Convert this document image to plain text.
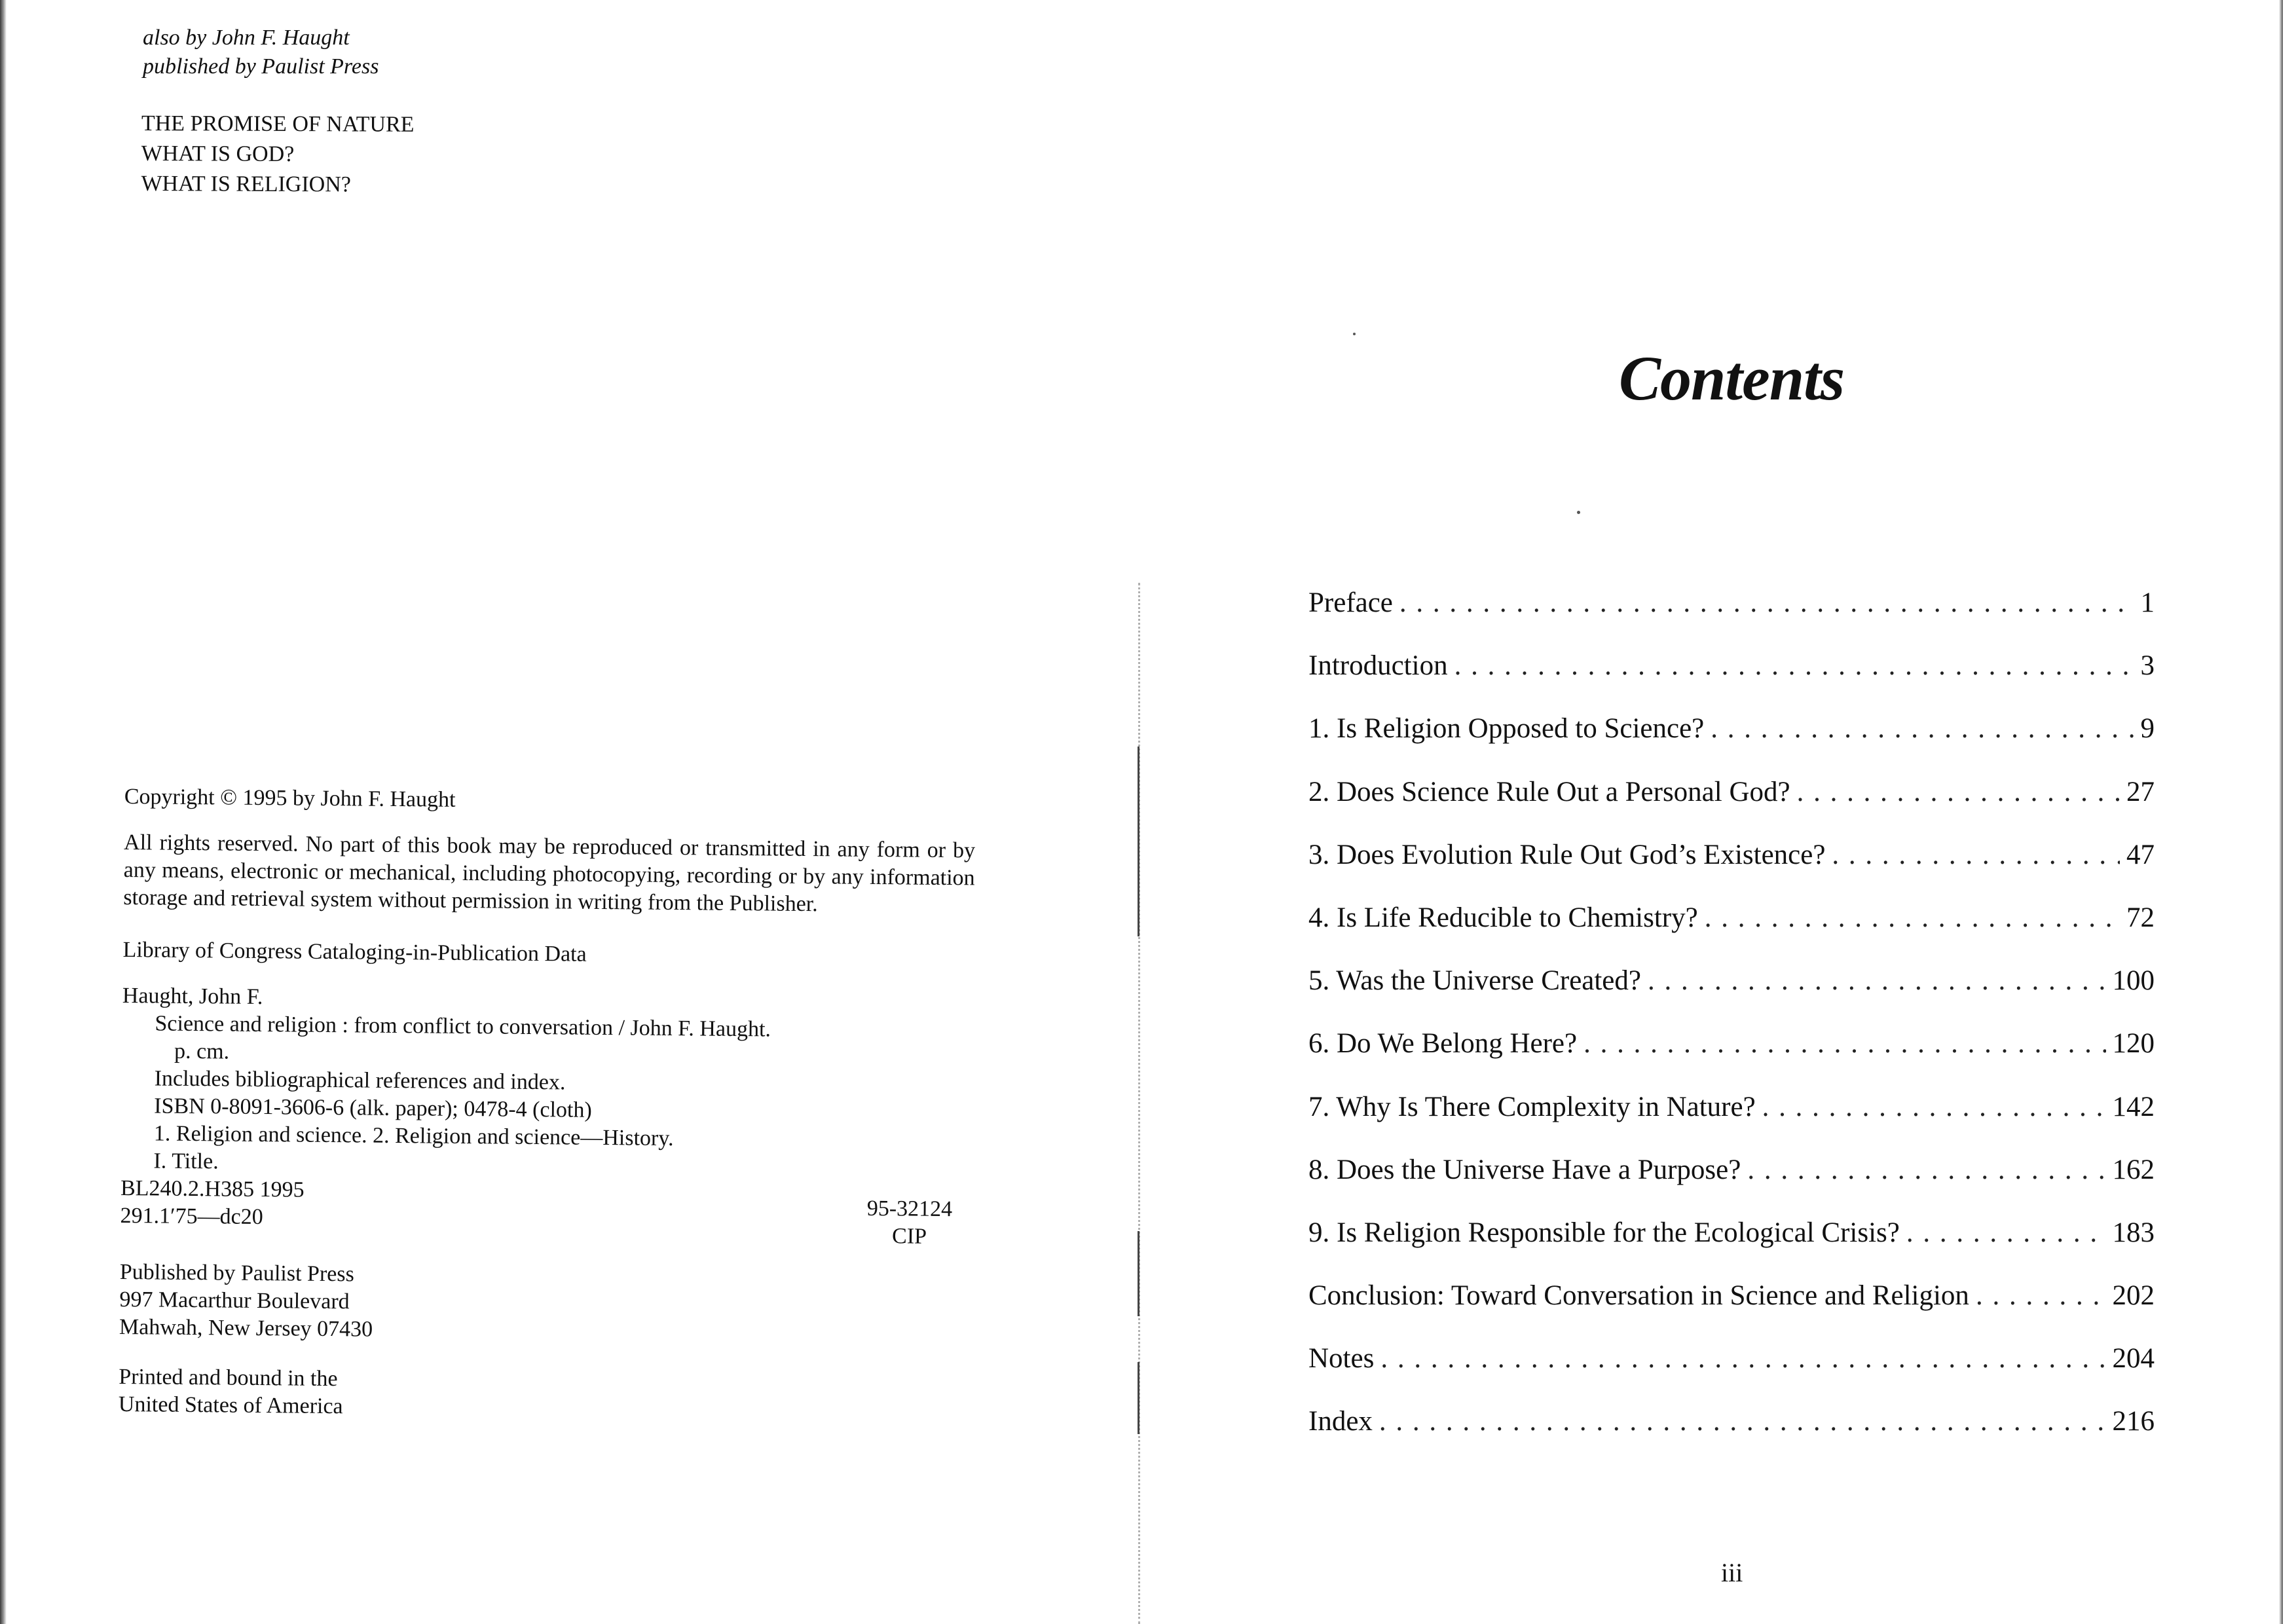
also by John F. Haught
published by Paulist Press
THE PROMISE OF NATURE
WHAT IS GOD?
WHAT IS RELIGION?
Copyright © 1995 by John F. Haught
All rights reserved. No part of this book may be reproduced or transmitted in any form or by any means, electronic or mechanical, including photocopying, recording or by any information storage and retrieval system without permission in writing from the Publisher.
Library of Congress Cataloging-in-Publication Data
Haught, John F.
Science and religion : from conflict to conversation / John F. Haught.
p. cm.
Includes bibliographical references and index.
ISBN 0-8091-3606-6 (alk. paper); 0478-4 (cloth)
1. Religion and science. 2. Religion and science—History.
I. Title.
BL240.2.H385 1995
291.1′75—dc20	95-32124
CIP
Published by Paulist Press
997 Macarthur Boulevard
Mahwah, New Jersey 07430
Printed and bound in the
United States of America
Contents
Preface . . .	1
Introduction . . .	3
1. Is Religion Opposed to Science? . . .	9
2. Does Science Rule Out a Personal God? . . .	27
3. Does Evolution Rule Out God’s Existence? . . .	47
4. Is Life Reducible to Chemistry? . . .	72
5. Was the Universe Created? . . .	100
6. Do We Belong Here? . . .	120
7. Why Is There Complexity in Nature? . . .	142
8. Does the Universe Have a Purpose? . . .	162
9. Is Religion Responsible for the Ecological Crisis? . . .	183
Conclusion: Toward Conversation in Science and Religion . . .	202
Notes . . .	204
Index . . .	216
iii
